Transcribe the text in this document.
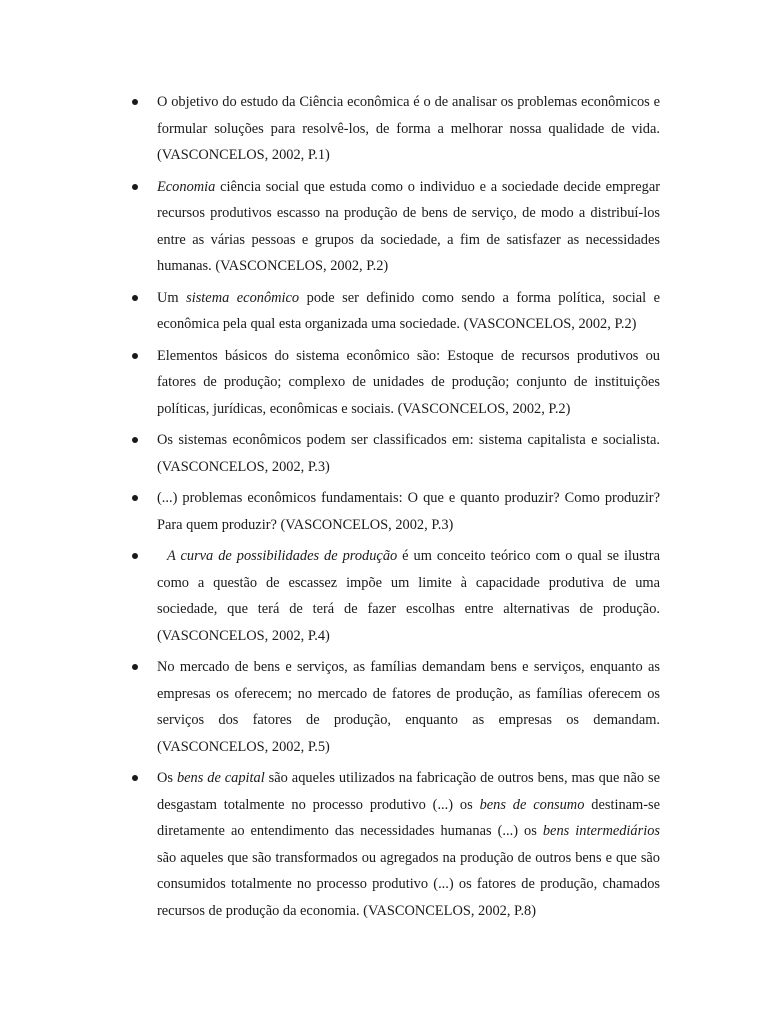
O objetivo do estudo da Ciência econômica é o de analisar os problemas econômicos e formular soluções para resolvê-los, de forma a melhorar nossa qualidade de vida. (VASCONCELOS, 2002, P.1)
Economia ciência social que estuda como o individuo e a sociedade decide empregar recursos produtivos escasso na produção de bens de serviço, de modo a distribuí-los entre as várias pessoas e grupos da sociedade, a fim de satisfazer as necessidades humanas. (VASCONCELOS, 2002, P.2)
Um sistema econômico pode ser definido como sendo a forma política, social e econômica pela qual esta organizada uma sociedade. (VASCONCELOS, 2002, P.2)
Elementos básicos do sistema econômico são: Estoque de recursos produtivos ou fatores de produção; complexo de unidades de produção; conjunto de instituições políticas, jurídicas, econômicas e sociais. (VASCONCELOS, 2002, P.2)
Os sistemas econômicos podem ser classificados em: sistema capitalista e socialista. (VASCONCELOS, 2002, P.3)
(...) problemas econômicos fundamentais: O que e quanto produzir? Como produzir? Para quem produzir? (VASCONCELOS, 2002, P.3)
A curva de possibilidades de produção é um conceito teórico com o qual se ilustra como a questão de escassez impõe um limite à capacidade produtiva de uma sociedade, que terá de terá de fazer escolhas entre alternativas de produção. (VASCONCELOS, 2002, P.4)
No mercado de bens e serviços, as famílias demandam bens e serviços, enquanto as empresas os oferecem; no mercado de fatores de produção, as famílias oferecem os serviços dos fatores de produção, enquanto as empresas os demandam. (VASCONCELOS, 2002, P.5)
Os bens de capital são aqueles utilizados na fabricação de outros bens, mas que não se desgastam totalmente no processo produtivo (...) os bens de consumo destinam-se diretamente ao entendimento das necessidades humanas (...) os bens intermediários são aqueles que são transformados ou agregados na produção de outros bens e que são consumidos totalmente no processo produtivo (...) os fatores de produção, chamados recursos de produção da economia. (VASCONCELOS, 2002, P.8)
